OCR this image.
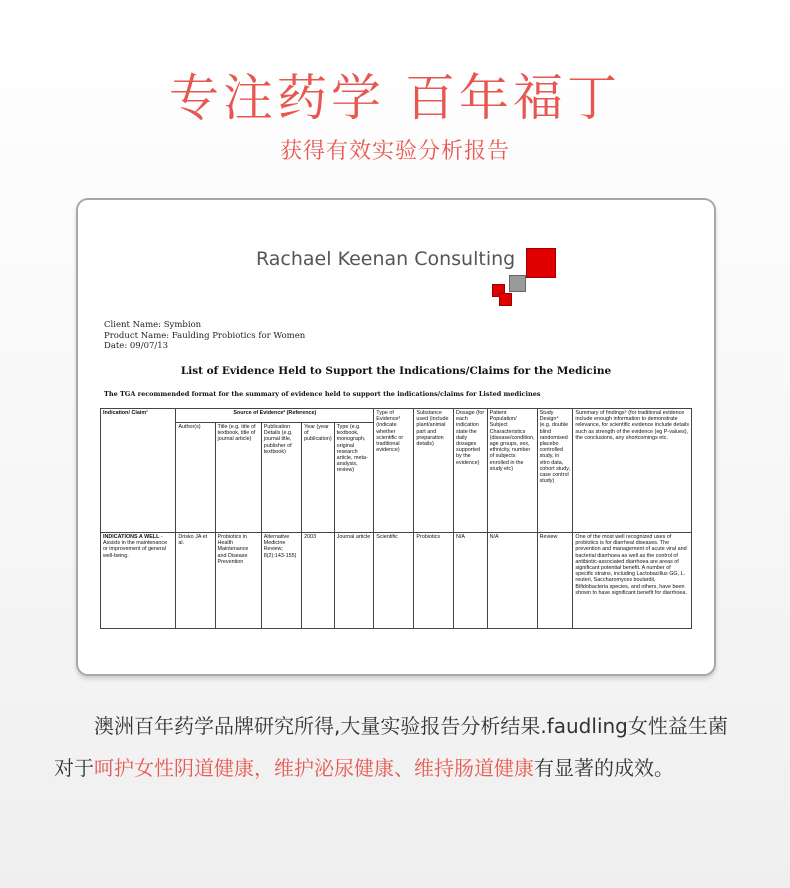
专注药学 百年福丁
获得有效实验分析报告
Rachael Keenan Consulting
Client Name: Symbion
Product Name: Faulding Probiotics for Women
Date: 09/07/13
List of Evidence Held to Support the Indications/Claims for the Medicine
The TGA recommended format for the summary of evidence held to support the indications/claims for Listed medicines
Indication/ Claim¹	Source of Evidence² (Reference)					Type of Evidence³ (indicate whether scientific or traditional evidence)	Substance used (include plant/animal part and preparation details)	Dosage (for each indication state the daily dosages supported by the evidence)	Patient Population/ Subject Characteristics (disease/condition, age groups, sex, ethnicity, number of subjects enrolled in the study etc)	Study Design⁴ (e.g. double blind randomised placebo controlled study, in vitro data, cohort study, case control study)	Summary of findings⁵ (for traditional evidence include enough information to demonstrate relevance, for scientific evidence include details such as strength of the evidence (eg P-values), the conclusions, any shortcomings etc.
	Author(s)	Title (e.g. title of textbook, title of journal article)	Publication Details (e.g. journal title, publisher of textbook)	Year (year of publication)	Type (e.g. textbook, monograph, original research article, meta-analysis, review)						
INDICATIONS A WELL - Assists in the maintenance or improvement of general well-being.	Drisko JA et al.	Probiotics in Health Maintenance and Disease Prevention	Alternative Medicine Review; 8(2):143-155)	2003	Journal article	Scientific	Probiotics	N/A	N/A	Review	One of the most well recognized uses of probiotics is for diarrheal diseases. The prevention and management of acute viral and bacterial diarrhoea as well as the control of antibiotic-associated diarrhoea are areas of significant potential benefit. A number of specific strains, including Lactobacillus GG, L. reuteri, Saccharomyces boulardii, Bifidobacteria species, and others, have been shown to have significant benefit for diarrhoea.
澳洲百年药学品牌研究所得,大量实验报告分析结果.faudling女性益生菌对于呵护女性阴道健康，维护泌尿健康、维持肠道健康有显著的成效。
